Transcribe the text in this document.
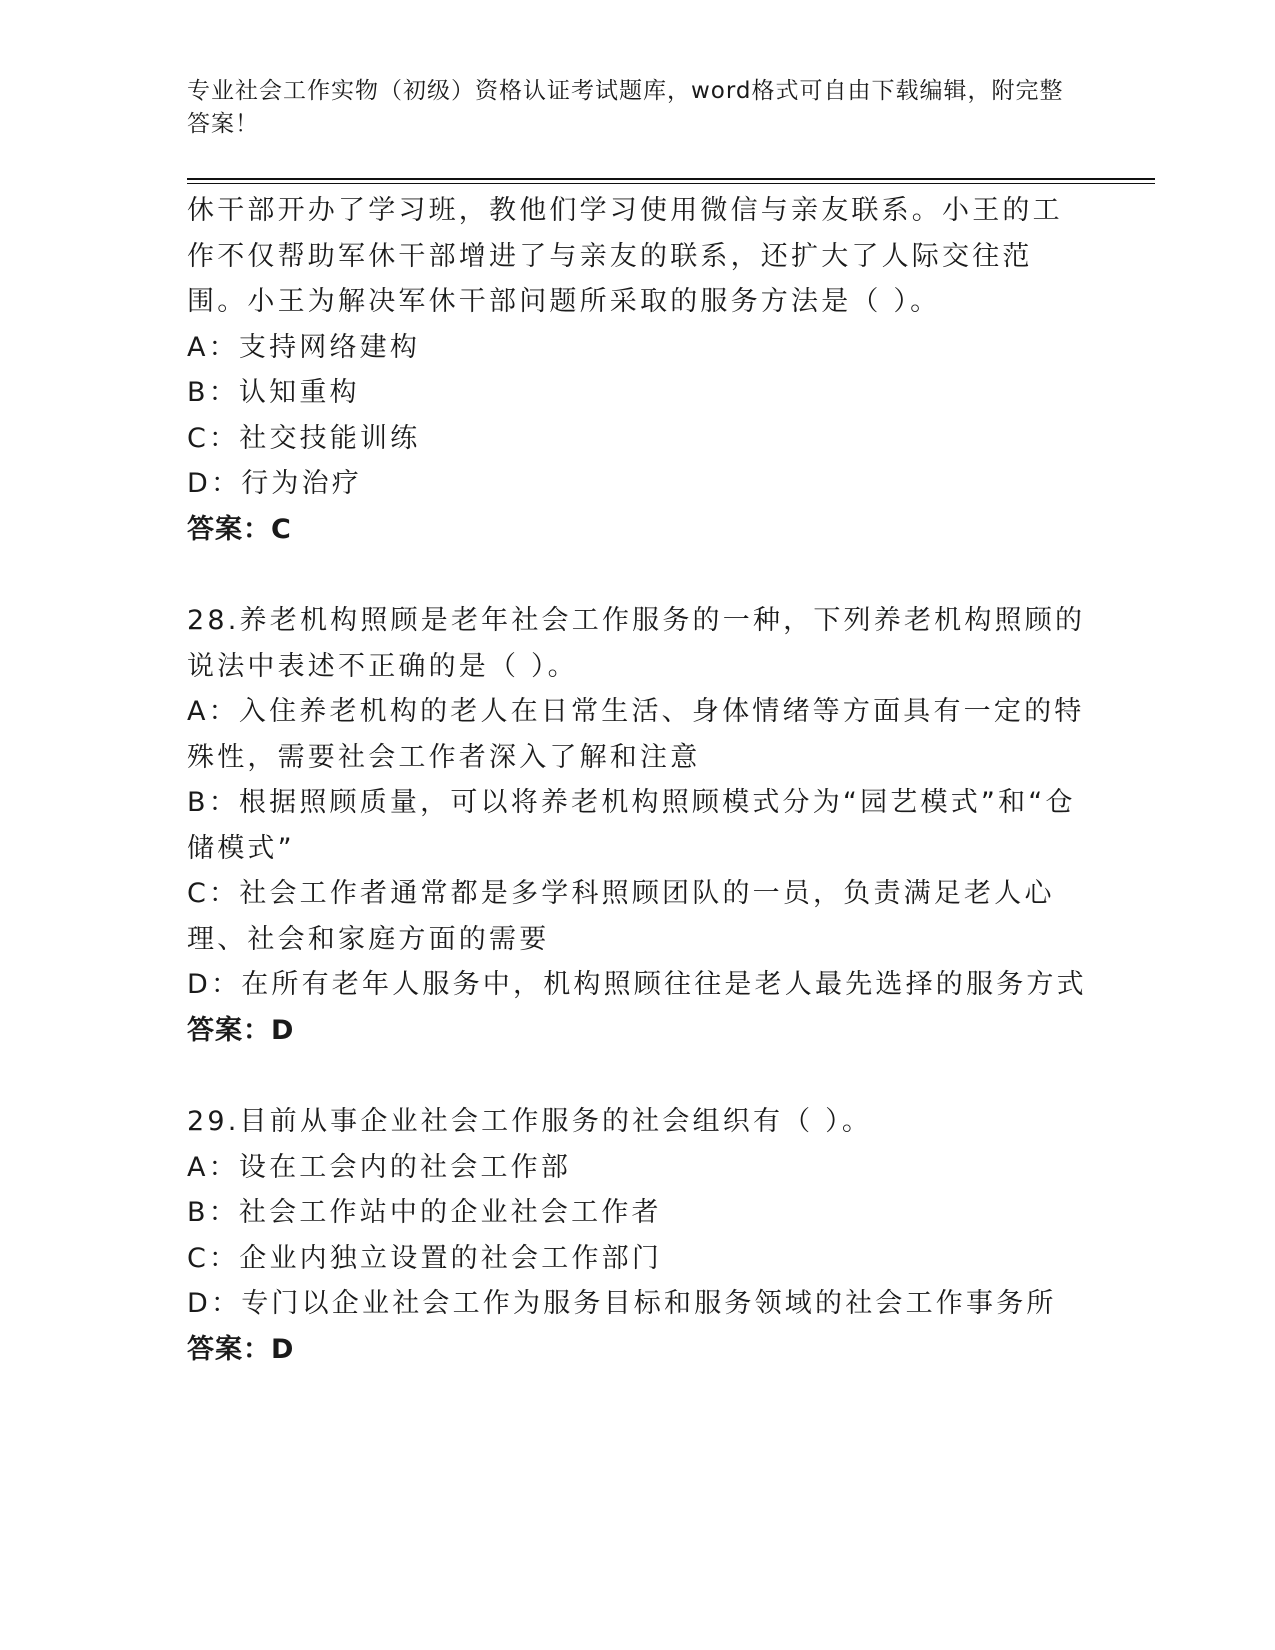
专业社会工作实物（初级）资格认证考试题库，word格式可自由下载编辑，附完整答案！

休干部开办了学习班，教他们学习使用微信与亲友联系。小王的工作不仅帮助军休干部增进了与亲友的联系，还扩大了人际交往范围。小王为解决军休干部问题所采取的服务方法是（ ）。

A：支持网络建构

B：认知重构

C：社交技能训练

D：行为治疗

答案：C

28.养老机构照顾是老年社会工作服务的一种，下列养老机构照顾的说法中表述不正确的是（ ）。

A：入住养老机构的老人在日常生活、身体情绪等方面具有一定的特殊性，需要社会工作者深入了解和注意

B：根据照顾质量，可以将养老机构照顾模式分为“园艺模式”和“仓储模式”

C：社会工作者通常都是多学科照顾团队的一员，负责满足老人心理、社会和家庭方面的需要

D：在所有老年人服务中，机构照顾往往是老人最先选择的服务方式

答案：D

29.目前从事企业社会工作服务的社会组织有（ ）。

A：设在工会内的社会工作部

B：社会工作站中的企业社会工作者

C：企业内独立设置的社会工作部门

D：专门以企业社会工作为服务目标和服务领域的社会工作事务所

答案：D
